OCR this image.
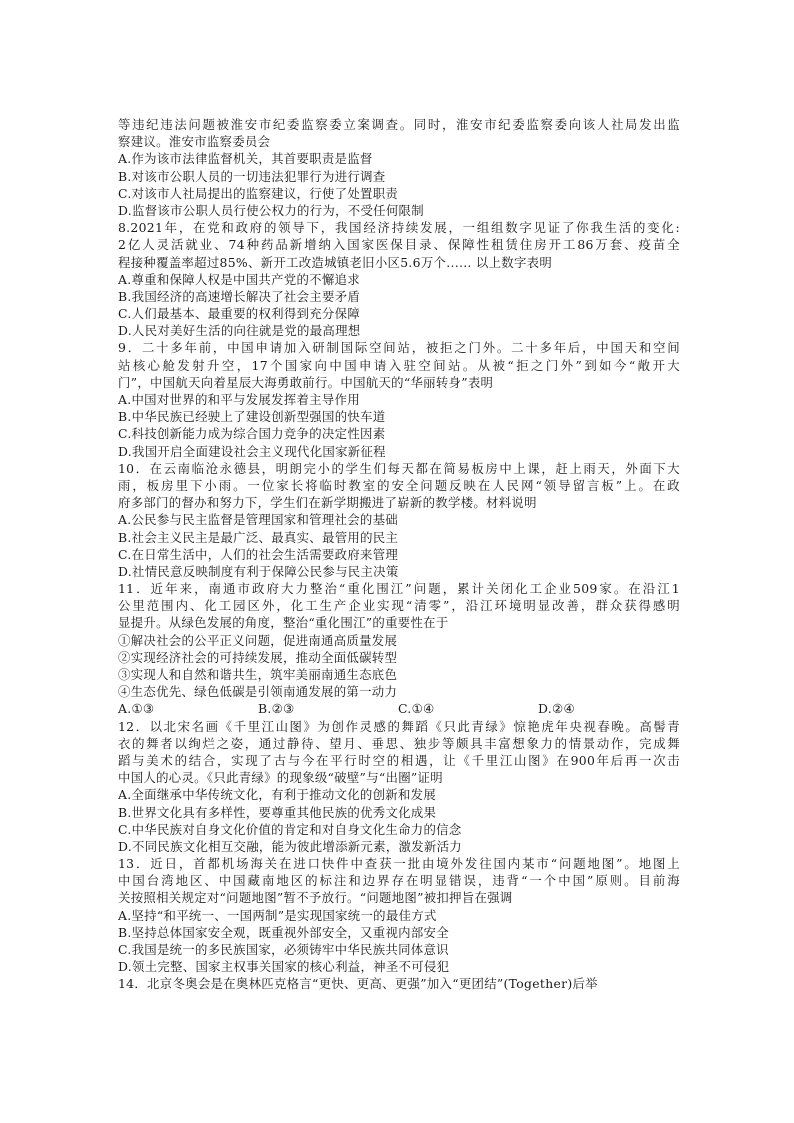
等违纪违法问题被淮安市纪委监察委立案调查。同时，淮安市纪委监察委向该人社局发出监
察建议。淮安市监察委员会
A.作为该市法律监督机关，其首要职责是监督
B.对该市公职人员的一切违法犯罪行为进行调查
C.对该市人社局提出的监察建议，行使了处置职责
D.监督该市公职人员行使公权力的行为，不受任何限制
8.2021年，在党和政府的领导下，我国经济持续发展，一组组数字见证了你我生活的变化:
2亿人灵活就业、74种药品新增纳入国家医保目录、保障性租赁住房开工86万套、疫苗全
程接种覆盖率超过85%、新开工改造城镇老旧小区5.6万个...... 以上数字表明
A.尊重和保障人权是中国共产党的不懈追求
B.我国经济的高速增长解决了社会主要矛盾
C.人们最基本、最重要的权利得到充分保障
D.人民对美好生活的向往就是党的最高理想
9．二十多年前，中国申请加入研制国际空间站，被拒之门外。二十多年后，中国天和空间
站核心舱发射升空，17个国家向中国申请入驻空间站。从被“拒之门外”到如今“敞开大
门”，中国航天向着星辰大海勇敢前行。中国航天的“华丽转身”表明
A.中国对世界的和平与发展发挥着主导作用
B.中华民族已经驶上了建设创新型强国的快车道
C.科技创新能力成为综合国力竞争的决定性因素
D.我国开启全面建设社会主义现代化国家新征程
10．在云南临沧永德县，明朗完小的学生们每天都在简易板房中上课，赶上雨天，外面下大
雨，板房里下小雨。一位家长将临时教室的安全问题反映在人民网“领导留言板”上。在政
府多部门的督办和努力下，学生们在新学期搬进了崭新的教学楼。材料说明
A.公民参与民主监督是管理国家和管理社会的基础
B.社会主义民主是最广泛、最真实、最管用的民主
C.在日常生活中，人们的社会生活需要政府来管理
D.社情民意反映制度有利于保障公民参与民主决策
11．近年来，南通市政府大力整治“重化围江”问题，累计关闭化工企业509家。在沿江1
公里范围内、化工园区外，化工生产企业实现“清零”，沿江环境明显改善，群众获得感明
显提升。从绿色发展的角度，整治“重化围江”的重要性在于
①解决社会的公平正义问题，促进南通高质量发展
②实现经济社会的可持续发展，推动全面低碳转型
③实现人和自然和谐共生，筑牢美丽南通生态底色
④生态优先、绿色低碳是引领南通发展的第一动力
A.①③	B.②③	C.①④	D.②④
12．以北宋名画《千里江山图》为创作灵感的舞蹈《只此青绿》惊艳虎年央视春晚。高髻青
衣的舞者以绚烂之姿，通过静待、望月、垂思、独步等颇具丰富想象力的情景动作，完成舞
蹈与美术的结合，实现了古与今在平行时空的相遇，让《千里江山图》在900年后再一次击
中国人的心灵。《只此青绿》的现象级“破壁”与“出圈”证明
A.全面继承中华传统文化，有利于推动文化的创新和发展
B.世界文化具有多样性，要尊重其他民族的优秀文化成果
C.中华民族对自身文化价值的肯定和对自身文化生命力的信念
D.不同民族文化相互交融，能为彼此增添新元素，激发新活力
13．近日，首都机场海关在进口快件中查获一批由境外发往国内某市“问题地图”。地图上
中国台湾地区、中国藏南地区的标注和边界存在明显错误，违背“一个中国”原则。目前海
关按照相关规定对“问题地图”暂不予放行。“问题地图”被扣押旨在强调
A.坚持“和平统一、一国两制”是实现国家统一的最佳方式
B.坚持总体国家安全观，既重视外部安全，又重视内部安全
C.我国是统一的多民族国家，必须铸牢中华民族共同体意识
D.领土完整、国家主权事关国家的核心利益，神圣不可侵犯
14．北京冬奥会是在奥林匹克格言“更快、更高、更强”加入“更团结”(Together)后举
